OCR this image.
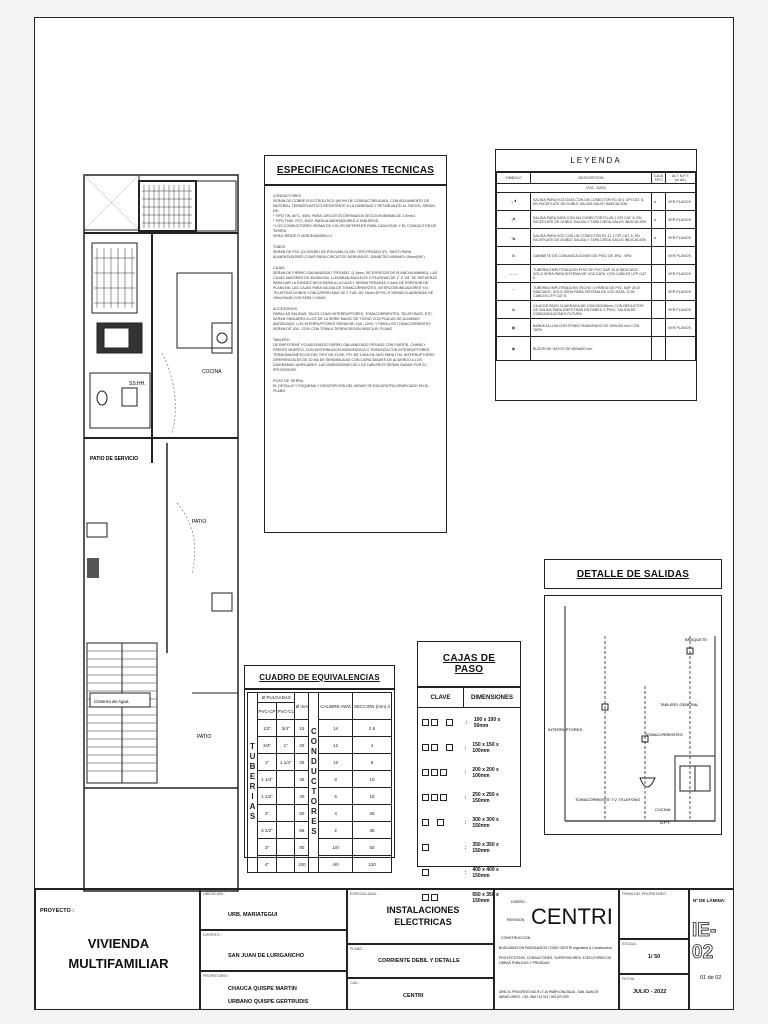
PATIO DE SERVICIO
PATIO
PATIO
COCINA
SS.HH.
Cisterna de Agua
ESPECIFICACIONES TECNICAS

CONDUCTORES
SERAN DE COBRE ELECTROLITICO (99.9% DE CONDUCTIBILIDAD), CON AISLAMIENTO DE MATERIAL TERMOPLASTICO RESISTENTE A LA HUMEDAD Y RETARDANTE AL FUEGO, SERAN DE:
* TIPO TW, 60°C, 600V, PARA CIRCUITOS DERIVADOS SECCION MINIMA DE 2.5mm2.
* TIPO THW, 75°C, 600V, PARA ALIMENTADORES A TABLEROS.
* LOS CONDUCTORES SERAN DE COLOR DIFERENTE PARA CADA FASE Y EL CONDUCTOR DE TIERRA
SERA VERDE O VERDE/AMARILLO

TUBOS
SERAN DE PVC (CLORURO DE POLIVINILO) DEL TIPO PESADO (P), TANTO PARA ALIMENTADORES COMO PARA CIRCUITOS DERIVADOS, DIAMETRO MINIMO=15mm(5/8")

CAJAS
SERAN DE FIERRO GALVANIZADO "PESADO" (1.6mm. DE ESPESOR DE PLANCHA MINIMO), LAS CAJAS MAYORES DE 30x30x10m. LLEVARAN ANGULOS O PLATINAS DE 1" X 1/8" DE REFUERZO PARA DAR LA RIGIDEZ NECESARIA A LA CAJA Y SERAN PESADAS 2.4mm DE ESPESOR DE PLANCHA. LAS CAJAS PARA SALIDA DE TOMACORRIENTES, INTERCOMUNICADORES Y/O TELEFONO DONDE CONCURREN MAS DE 2 TUB. DE 15mm Ø PVC-P SERAN CUADRADAS DE 100x100x50 CON TAPA 1 GANG

ACCESORIOS
PARA LAS SALIDAS, TALES COMO INTERRUPTORES, TOMACORRIENTES, TELEFONOS, ETC. SERAN SIMILARES A LOS DE LA SERIE MAGIC DE TICINO CON PLACAS DE ALUMINIO ANODIZADO. LOS INTERRUPTORES SERAN DE 10A - 220V, Y PARA LOS TOMACORRIENTES SERAN DE 10A - 220V CON TOMA A TIERRA SEGUN INDICA EL PLANO

TABLERO
DE EMPOTRAR Y/O ADOSADOS FIERRO GALVANIZADO PESADO CON PUERTA, CHAPA Y FRENTE MUERTO, CON DISTRIBUCION MONOFASICA O TRIFASICA CON INTERRUPTORES TERMOMAGNETICOS DEL TIPO NO FUSE, P.R. DE 10KA EN 240V PARA IT.M. INTERRUPTORES DIFERENCIALES DE 30 MA DE SENSIBILIDAD CON CAPACIDADES DE ACUERDO A LOS DIAGRAMAS UNIFILARES. LAS DIMENSIONES DE LOS TABLEROS SERAN DADAS POR EL PROVEEDOR.

POZO DE TIERRA
EL DETALLE Y ESQUEMA Y DESCRIPCION DEL MISMO SE ENCUENTRA GRAFICADO EN EL PLANO

LEYENDA
SIMBOLO	DESCRIPCION	CAJA TIPO	ALT. N.P.T. (m.Alt.)
VOZ - DATA			
┬▝	SALIDA PARA VOZ-DATA CON UN CONECTOR RJ-45 1 CPI CAT. 6, EN FACEPLATE DE DOBLE SALIDA SALVO INDICACION	a	VER PLANOS
┬▘	SALIDA PARA DATA CON UN CONECTOR RJ-45 1 CPI CAT. 6, EN FACEPLATE DE DOBLE SALIDA Y TAPA CIEGA SALVO INDICACION	a	VER PLANOS
┬▖	SALIDA PARA VOZ CON UN CONECTOR RJ-11 1 CPI CAT. 6, EN FACEPLATE DE DOBLE SALIDA Y TAPA CIEGA SALVO INDICACION	a	VER PLANOS
⊞	GABINETE DE COMUNICACIONES DE PISO DE 3RU - 6RU		VER PLANOS
— —	TUBERIA EMPOTRADA EN PISO DE PVC SAP 25 Ø INDICADO. SOLO SERA PARA SISTEMA DE VOZ-DATA, CON CABLES UTP CAT 6		VER PLANOS
⌒	TUBERIA EMPOTRADA EN TECHO O PARED DE PVC SAP 25 Ø INDICADO. SOLO SERA PARA SISTEMA DE VOZ-DATA, CON CABLES UTP CAT 6		VER PLANOS
⊠	CAJA DE PASO CUADRADA DE 100X100X50mm CON REDUCTOR DE SALIDA PARA EMPOTRAR EN PARED Y PISO, SALIDA DE COMUNICACIONES FUTURA		VER PLANOS
▦	BANDEJA LISA CON FONDO RANURADO DE 300x100 mm CON TAPA		VER PLANOS
▣	BUZON DE DATOS DE 600x600 mm		
DETALLE DE SALIDAS
BRAQUETE
TABLERO GENERAL
INTERRUPTORES
TOMACORRIENTES
TOMACORRIENTE T.V. TELEFONO
COCINA
N.P.T.
CUADRO DE EQUIVALENCIAS
TUBERIAS	Ø PULGADAS		Ø mm	CONDUCTORES	CALIBRE AWG	SECCION (mm) 2
	PVC-CP	PVC-CL				
	1/2"	3/4"	15		14	2.5
	3/4"	1"	20		12	4
	1"	1 1/4"	25		10	6
	1 1/4"		35		8	10
	1 1/2"		40		6	16
	2"		50		4	25
	2 1/2"		65		2	35
	3"		80		1/0	50
	4"		100		4/0	120
CAJAS DE PASO
CLAVE	DIMENSIONES
:	100 x 100 x 50mm
:	150 x 150 x 100mm
:	200 x 200 x 100mm
:	250 x 250 x 150mm
:	300 x 300 x 150mm
:	350 x 350 x 150mm
:	400 x 400 x 150mm
650 x 350 x 150mm
PROYECTO :
VIVIENDA MULTIFAMILIAR
UBICACION :
URB. MARIATEGUI
DISTRITO :
SAN JUAN DE LURIGANCHO
PROPIETARIO :
CHAUCA QUISPE MARTIN
URBANO QUISPE GERTRUDIS
ESPECIALIDAD :
INSTALACIONES ELECTRICAS
PLANO :
CORRIENTE DEBIL Y DETALLE
CAD :
CENTRI
DISEÑO
REVISION
CONSTRUCCION
CENTRI
BUSCAMOS EN PASIONADOS COMO CENTRI Ingenieria & Construccion
PROYECTISTAS, CONSULTORES, SUPERVISORES, EJECUTORES DE OBRAS PUBLICAS Y PRIVADAS
URB. EL PROGRESO MZ-R LT.16 PAMPLONA BAJA - SAN JUAN DE MIRAFLORES - CEL: 966 713 321 / 992 670 099
FIRMA DEL PROPIETARIO
ESCALA
1/ 50
FECHA
JULIO - 2022
Nº DE LÁMINA:
IE-02
01 de 02
